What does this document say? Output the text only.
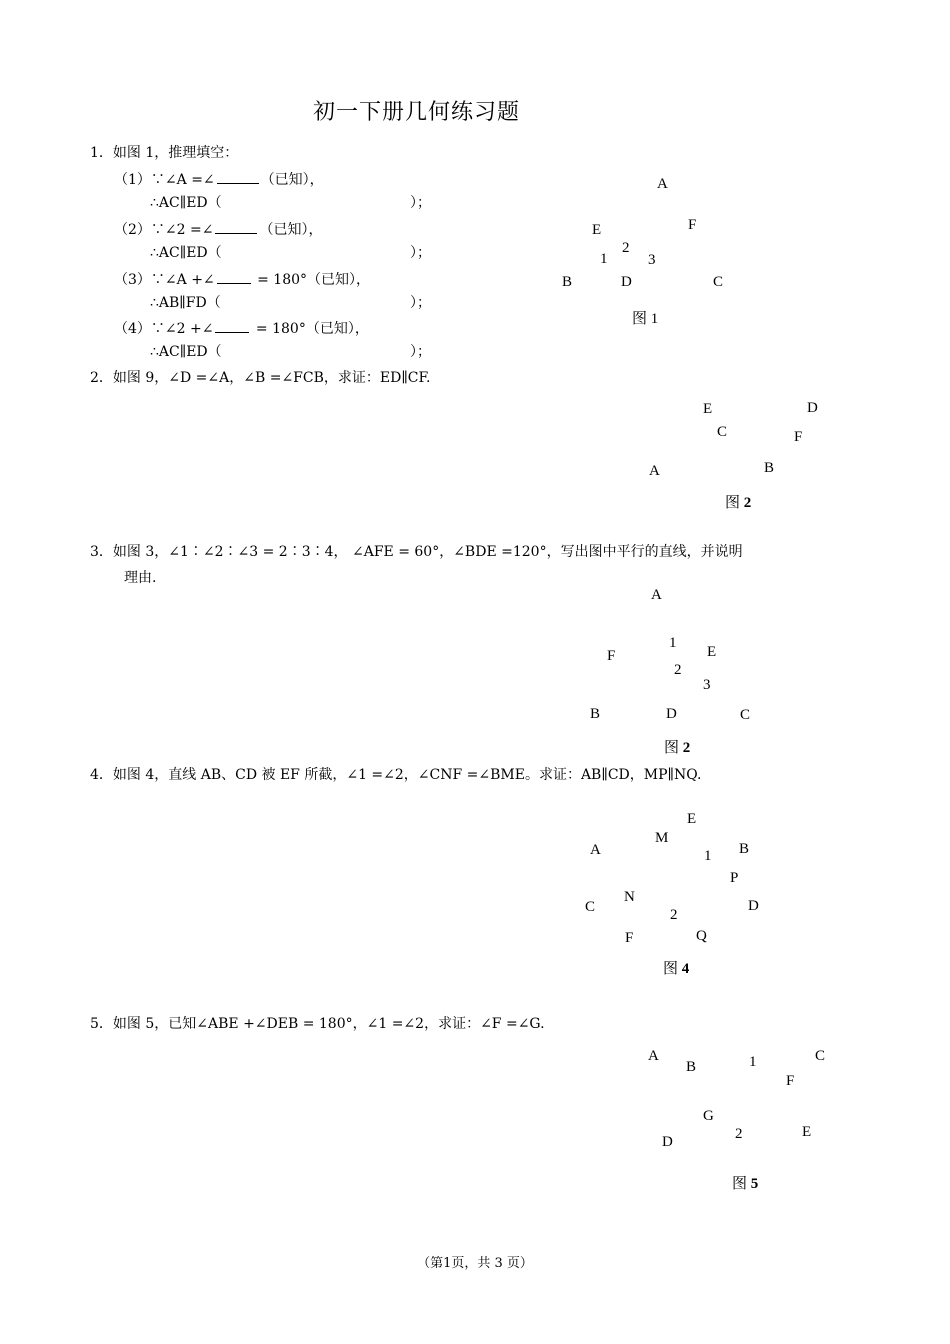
初一下册几何练习题
1．如图 1，推理填空：
（1）∵∠A =∠	（已知），
∴AC∥ED（	）；
（2）∵∠2 =∠	（已知），
∴AC∥ED（	）；
（3）∵∠A +∠	= 180°（已知），
∴AB∥FD（	）；
（4）∵∠2 +∠	= 180°（已知），
∴AC∥ED（	）；
A
E	F
2
1	3
B	D	C
图 1
2．如图 9，∠D =∠A，∠B =∠FCB，求证：ED∥CF.
E	D
C	F
A	B
图 2
3．如图 3，∠1∶∠2∶∠3 = 2∶3∶4， ∠AFE = 60°，∠BDE =120°，写出图中平行的直线，并说明
理由.
A
1
F	E
2
3
B	D	C
图 2
4．如图 4，直线 AB、CD 被 EF 所截，∠1 =∠2，∠CNF =∠BME。求证：AB∥CD，MP∥NQ.
E
M
A	B
1
P
N
C	D
2
F	Q
图 4
5．如图 5，已知∠ABE +∠DEB = 180°，∠1 =∠2，求证：∠F =∠G.
A
B	1	C
F
G
2
D
E
图 5
（第1页，共 3 页）
